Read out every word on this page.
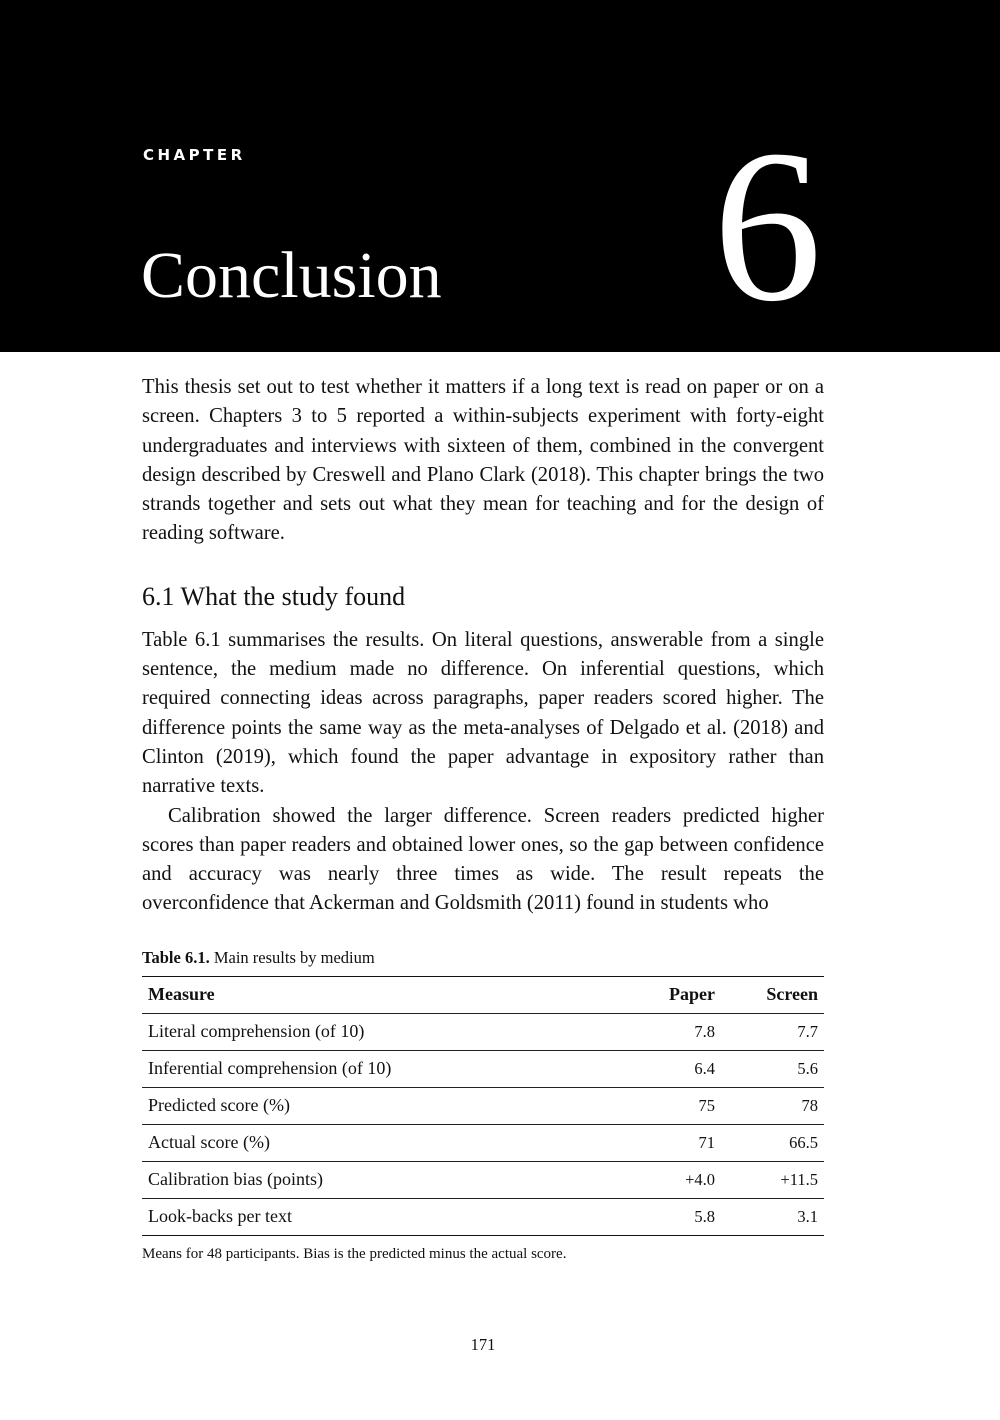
CHAPTER
Conclusion 6

This thesis set out to test whether it matters if a long text is read on paper or on a screen. Chapters 3 to 5 reported a within-subjects experiment with forty-eight undergraduates and interviews with sixteen of them, combined in the convergent design described by Creswell and Plano Clark (2018). This chapter brings the two strands together and sets out what they mean for teaching and for the design of reading software.

6.1 What the study found

Table 6.1 summarises the results. On literal questions, answerable from a single sentence, the medium made no difference. On inferential questions, which required connecting ideas across paragraphs, paper readers scored higher. The difference points the same way as the meta-analyses of Delgado et al. (2018) and Clinton (2019), which found the paper advantage in expository rather than narrative texts.

Calibration showed the larger difference. Screen readers predicted higher scores than paper readers and obtained lower ones, so the gap between confidence and accuracy was nearly three times as wide. The result repeats the overconfidence that Ackerman and Goldsmith (2011) found in students who

Table 6.1. Main results by medium
Measure	Paper	Screen
Literal comprehension (of 10)	7.8	7.7
Inferential comprehension (of 10)	6.4	5.6
Predicted score (%)	75	78
Actual score (%)	71	66.5
Calibration bias (points)	+4.0	+11.5
Look-backs per text	5.8	3.1
Means for 48 participants. Bias is the predicted minus the actual score.
171
